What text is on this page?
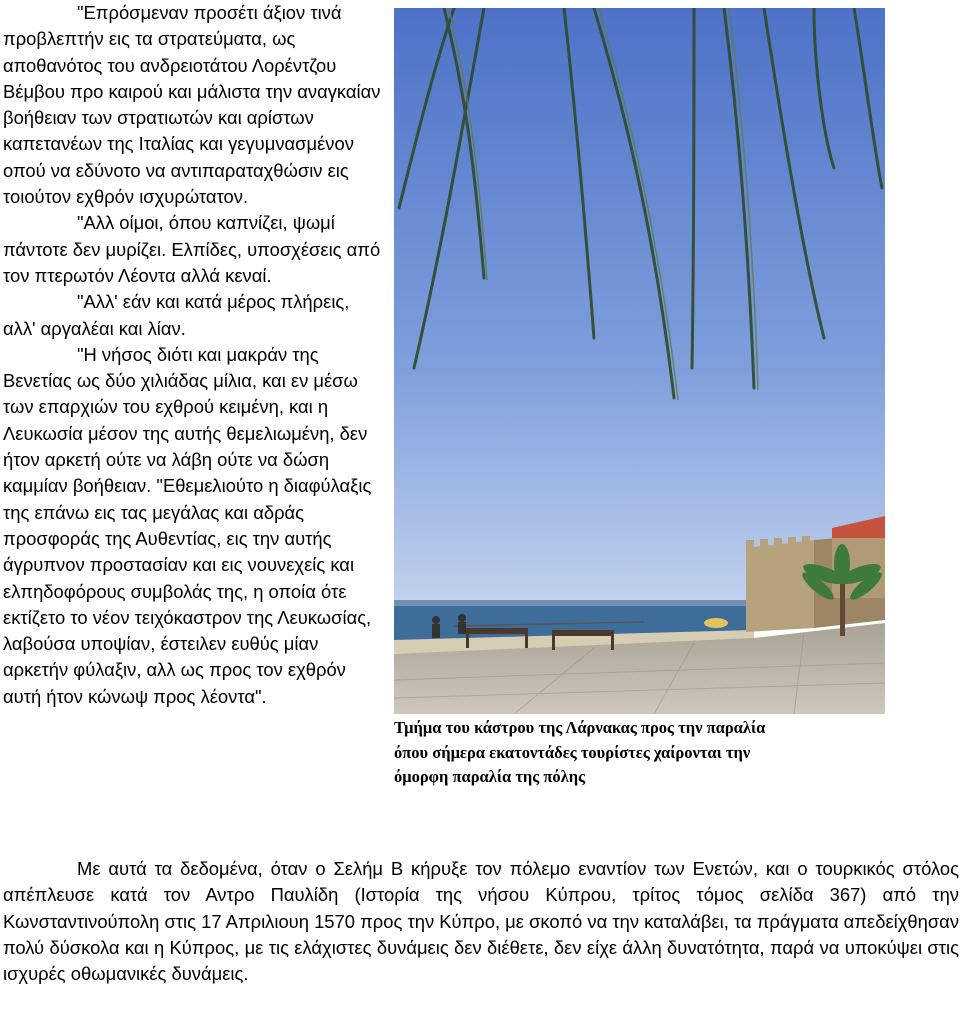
"Επρόσμεναν προσέτι άξιον τινά προβλεπτήν εις τα στρατεύματα, ως αποθανότος του ανδρειοτάτου Λορέντζου Βέμβου προ καιρού και μάλιστα την αναγκαίαν βοήθειαν των στρατιωτών και αρίστων καπετανέων της Ιταλίας και γεγυμνασμένον οπού να εδύνοτο να αντιπαραταχθώσιν εις τοιούτον εχθρόν ισχυρώτατον.

"Αλλ οίμοι, όπου καπνίζει, ψωμί πάντοτε δεν μυρίζει. Ελπίδες, υποσχέσεις από τον πτερωτόν Λέοντα αλλά κεναί.

"Αλλ' εάν και κατά μέρος πλήρεις, αλλ' αργαλέαι και λίαν.

"Η νήσος διότι και μακράν της Βενετίας ως δύο χιλιάδας μίλια, και εν μέσω των επαρχιών του εχθρού κειμένη, και η Λευκωσία μέσον της αυτής θεμελιωμένη, δεν ήτον αρκετή ούτε να λάβη ούτε να δώση καμμίαν βοήθειαν. "Εθεμελιούτο η διαφύλαξις της επάνω εις τας μεγάλας και αδράς προσφοράς της Αυθεντίας, εις την αυτής άγρυπνον προστασίαν και εις νουνεχείς και ελπηδοφόρους συμβολάς της, η οποία ότε εκτίζετο το νέον τειχόκαστρον της Λευκωσίας, λαβούσα υποψίαν, έστειλεν ευθύς μίαν αρκετήν φύλαξιν, αλλ ως προς τον εχθρόν αυτή ήτον κώνωψ προς λέοντα".

Τμήμα του κάστρου της Λάρνακας προς την παραλία
όπου σήμερα εκατοντάδες τουρίστες χαίρονται την
όμορφη παραλία της πόλης

Με αυτά τα δεδομένα, όταν ο Σελήμ Β κήρυξε τον πόλεμο εναντίον των Ενετών, και ο τουρκικός στόλος απέπλευσε κατά τον Αντρο Παυλίδη (Ιστορία της νήσου Κύπρου, τρίτος τόμος σελίδα 367) από την Κωνσταντινούπολη στις 17 Απριλιουη 1570 προς την Κύπρο, με σκοπό να την καταλάβει, τα πράγματα απεδείχθησαν πολύ δύσκολα και η Κύπρος, με τις ελάχιστες δυνάμεις δεν διέθετε, δεν είχε άλλη δυνατότητα, παρά να υποκύψει στις ισχυρές οθωμανικές δυνάμεις.
